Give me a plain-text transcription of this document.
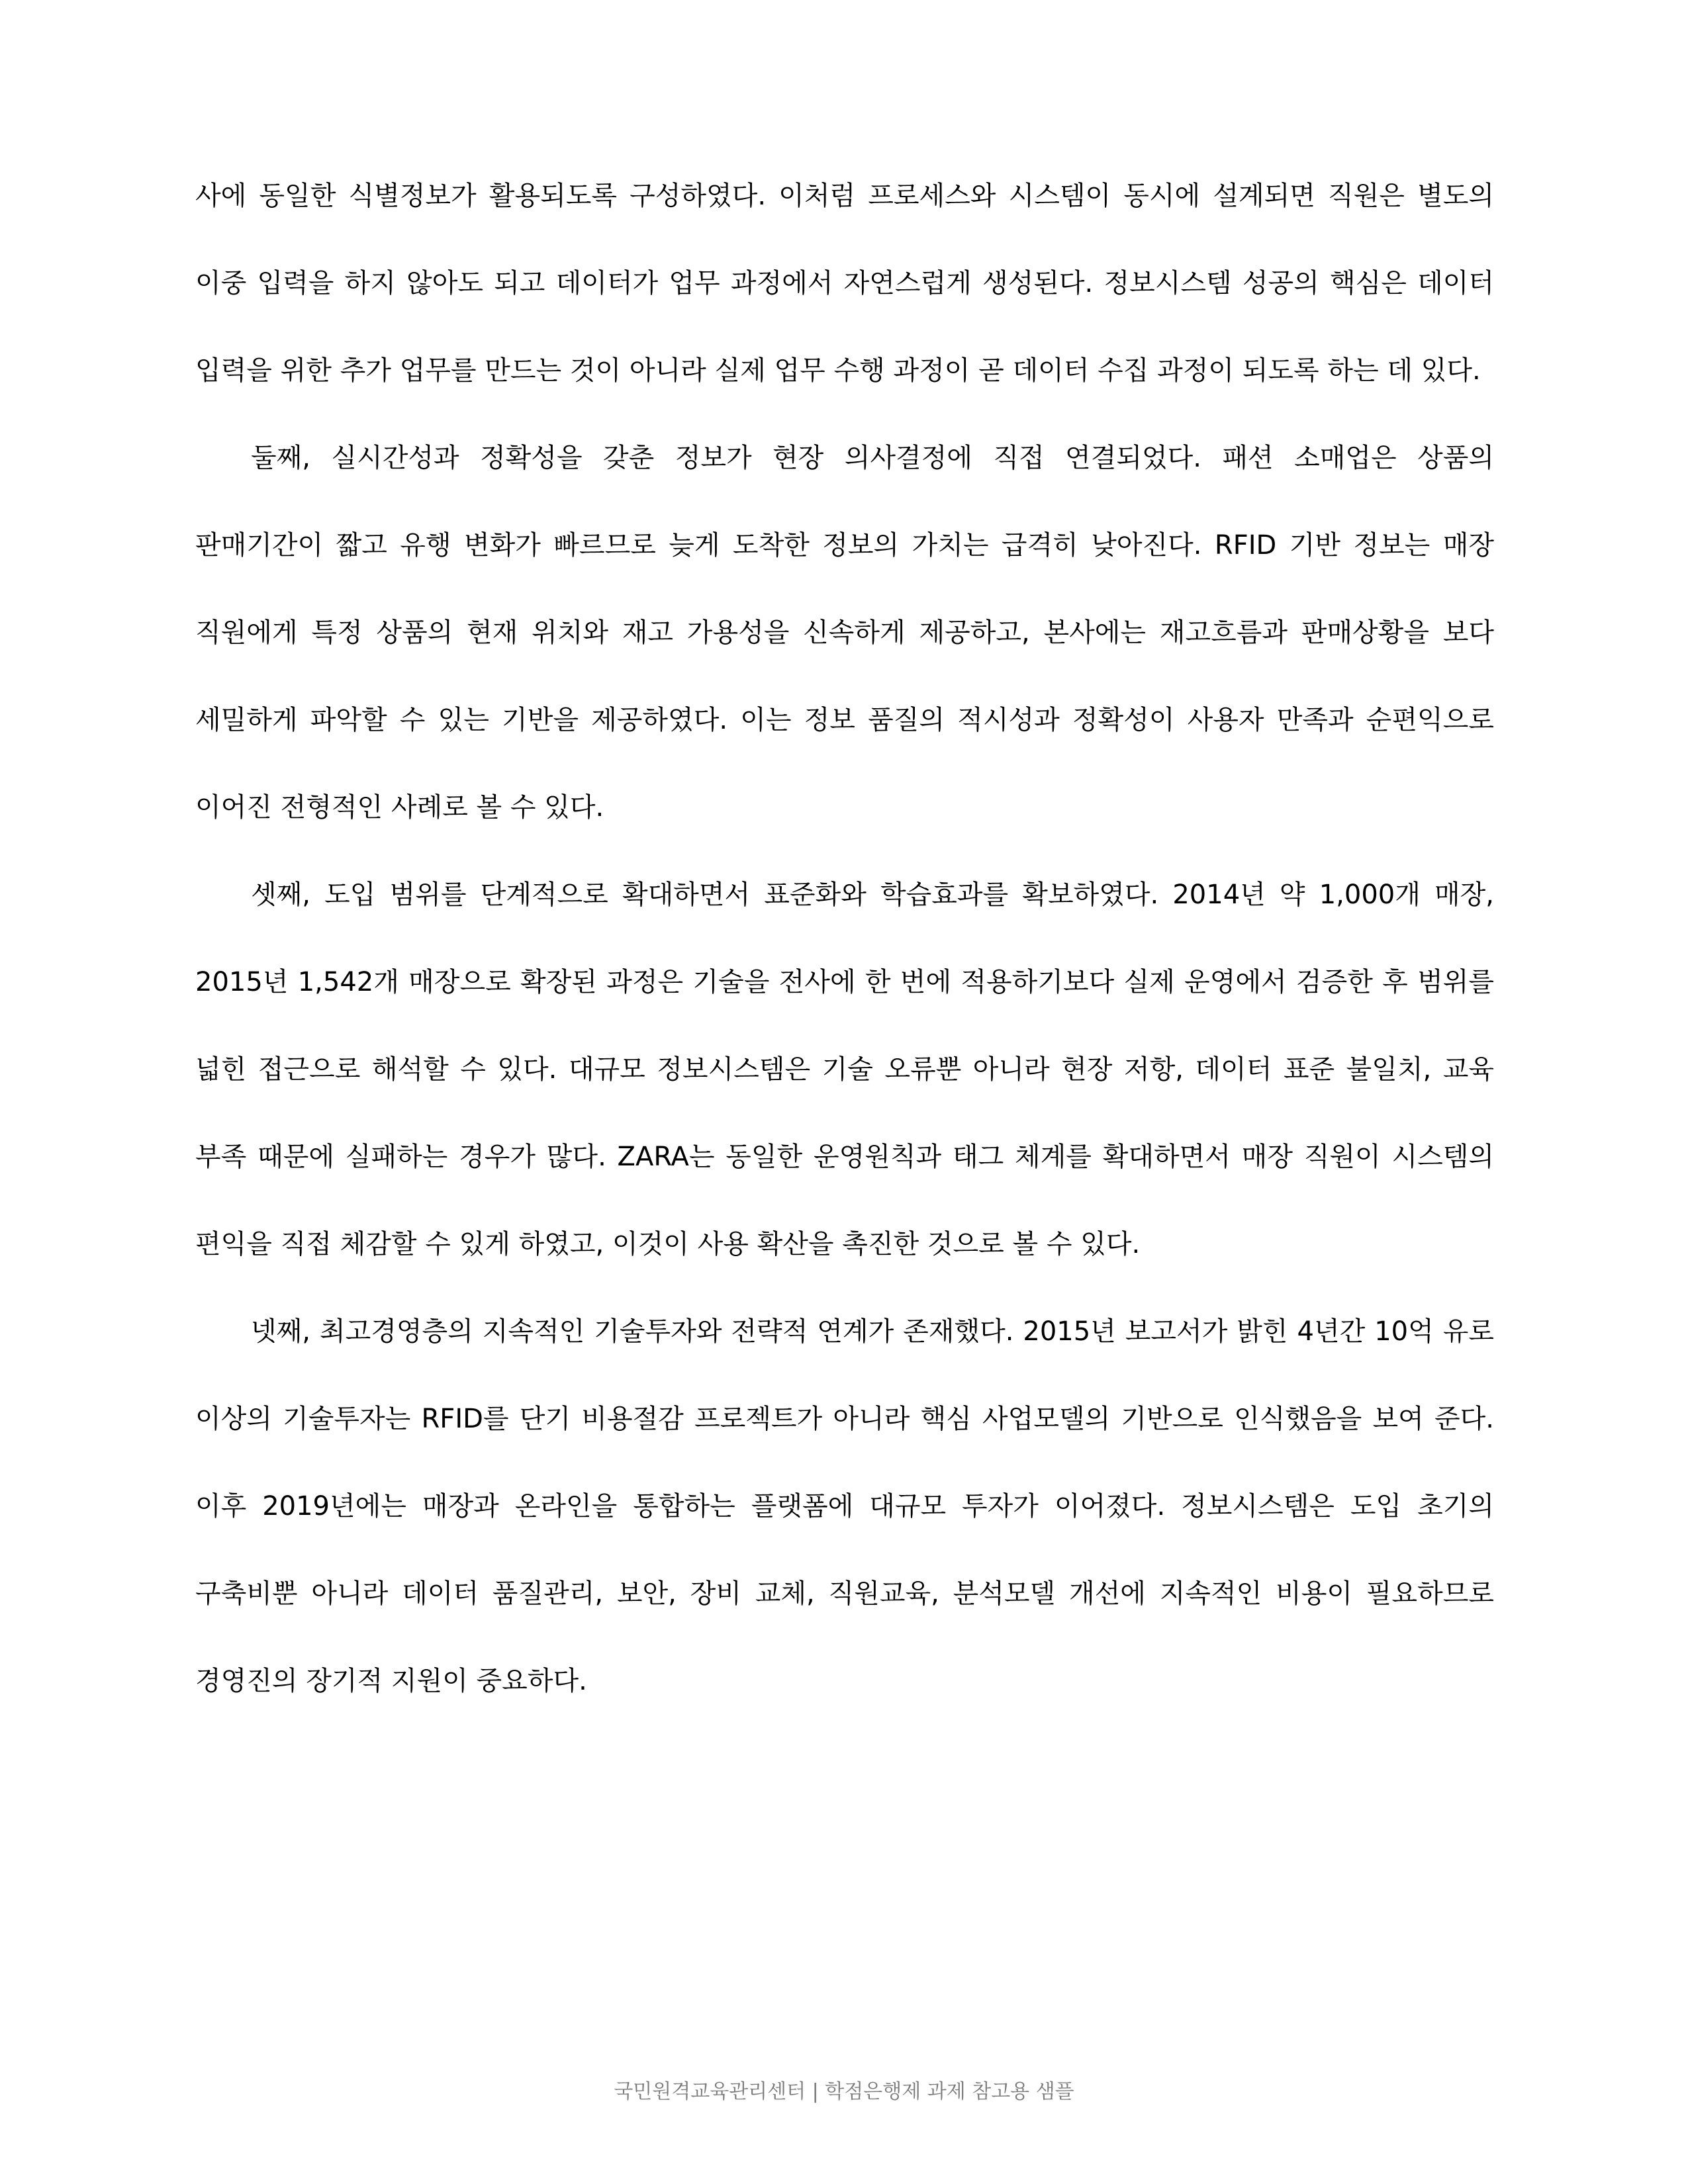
사에 동일한 식별정보가 활용되도록 구성하였다. 이처럼 프로세스와 시스템이 동시에 설계되면 직원은 별도의 이중 입력을 하지 않아도 되고 데이터가 업무 과정에서 자연스럽게 생성된다. 정보시스템 성공의 핵심은 데이터 입력을 위한 추가 업무를 만드는 것이 아니라 실제 업무 수행 과정이 곧 데이터 수집 과정이 되도록 하는 데 있다.

둘째, 실시간성과 정확성을 갖춘 정보가 현장 의사결정에 직접 연결되었다. 패션 소매업은 상품의 판매기간이 짧고 유행 변화가 빠르므로 늦게 도착한 정보의 가치는 급격히 낮아진다. RFID 기반 정보는 매장 직원에게 특정 상품의 현재 위치와 재고 가용성을 신속하게 제공하고, 본사에는 재고흐름과 판매상황을 보다 세밀하게 파악할 수 있는 기반을 제공하였다. 이는 정보 품질의 적시성과 정확성이 사용자 만족과 순편익으로 이어진 전형적인 사례로 볼 수 있다.

셋째, 도입 범위를 단계적으로 확대하면서 표준화와 학습효과를 확보하였다. 2014년 약 1,000개 매장, 2015년 1,542개 매장으로 확장된 과정은 기술을 전사에 한 번에 적용하기보다 실제 운영에서 검증한 후 범위를 넓힌 접근으로 해석할 수 있다. 대규모 정보시스템은 기술 오류뿐 아니라 현장 저항, 데이터 표준 불일치, 교육 부족 때문에 실패하는 경우가 많다. ZARA는 동일한 운영원칙과 태그 체계를 확대하면서 매장 직원이 시스템의 편익을 직접 체감할 수 있게 하였고, 이것이 사용 확산을 촉진한 것으로 볼 수 있다.

넷째, 최고경영층의 지속적인 기술투자와 전략적 연계가 존재했다. 2015년 보고서가 밝힌 4년간 10억 유로 이상의 기술투자는 RFID를 단기 비용절감 프로젝트가 아니라 핵심 사업모델의 기반으로 인식했음을 보여 준다. 이후 2019년에는 매장과 온라인을 통합하는 플랫폼에 대규모 투자가 이어졌다. 정보시스템은 도입 초기의 구축비뿐 아니라 데이터 품질관리, 보안, 장비 교체, 직원교육, 분석모델 개선에 지속적인 비용이 필요하므로 경영진의 장기적 지원이 중요하다.

국민원격교육관리센터 | 학점은행제 과제 참고용 샘플
